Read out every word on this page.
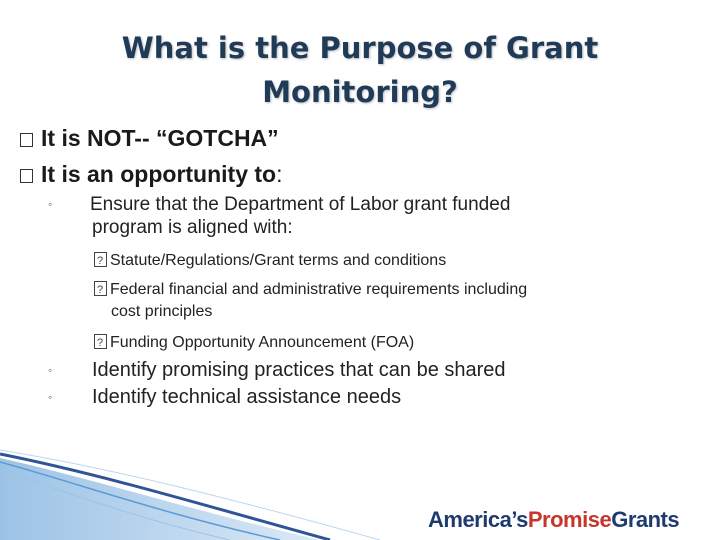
What is the Purpose of Grant
Monitoring?
It is NOT-- “GOTCHA”
It is an opportunity to:
◦	Ensure that the Department of Labor grant funded
program is aligned with:
?Statute/Regulations/Grant terms and conditions
?Federal financial and administrative requirements including
cost principles
?Funding Opportunity Announcement (FOA)
◦	Identify promising practices that can be shared
◦	Identify technical assistance needs
America’sPromiseGrants
